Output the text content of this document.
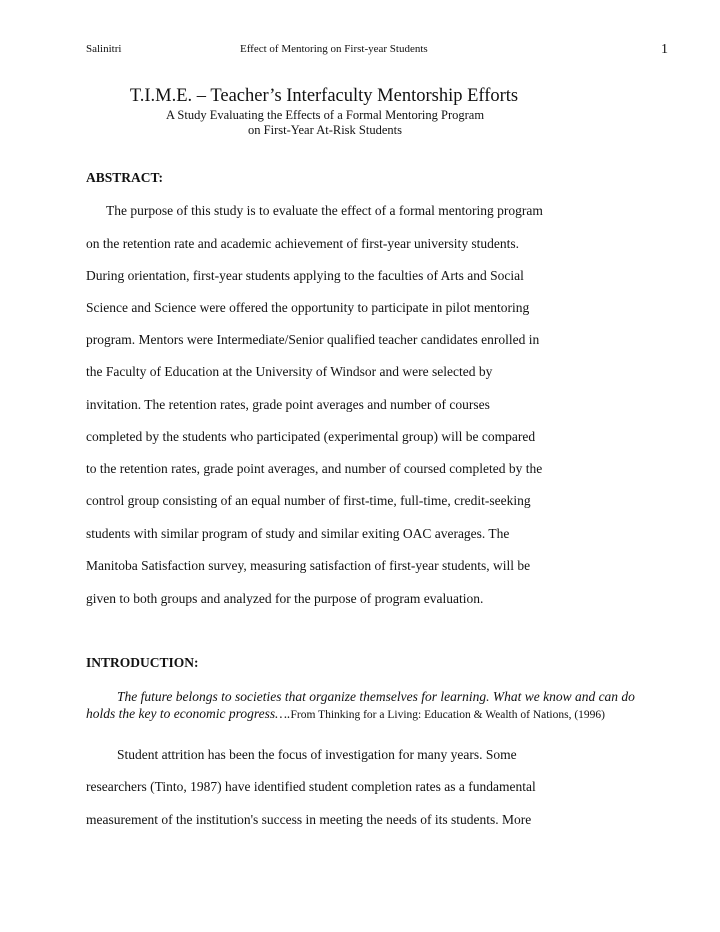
Salinitri	Effect of Mentoring on First-year Students	1
T.I.M.E. – Teacher’s Interfaculty Mentorship Efforts
A Study Evaluating the Effects of a Formal Mentoring Program
on First-Year At-Risk Students
ABSTRACT:
The purpose of this study is to evaluate the effect of a formal mentoring program
on the retention rate and academic achievement of first-year university students.
During orientation, first-year students applying to the faculties of Arts and Social
Science and Science were offered the opportunity to participate in pilot mentoring
program. Mentors were Intermediate/Senior qualified teacher candidates enrolled in
the Faculty of Education at the University of Windsor and were selected by
invitation. The retention rates, grade point averages and number of courses
completed by the students who participated (experimental group) will be compared
to the retention rates, grade point averages, and number of coursed completed by the
control group consisting of an equal number of first-time, full-time, credit-seeking
students with similar program of study and similar exiting OAC averages. The
Manitoba Satisfaction survey, measuring satisfaction of first-year students, will be
given to both groups and analyzed for the purpose of program evaluation.
INTRODUCTION:
The future belongs to societies that organize themselves for learning. What we know and can do holds the key to economic progress….From Thinking for a Living: Education & Wealth of Nations, (1996)
Student attrition has been the focus of investigation for many years. Some
researchers (Tinto, 1987) have identified student completion rates as a fundamental
measurement of the institution's success in meeting the needs of its students. More
